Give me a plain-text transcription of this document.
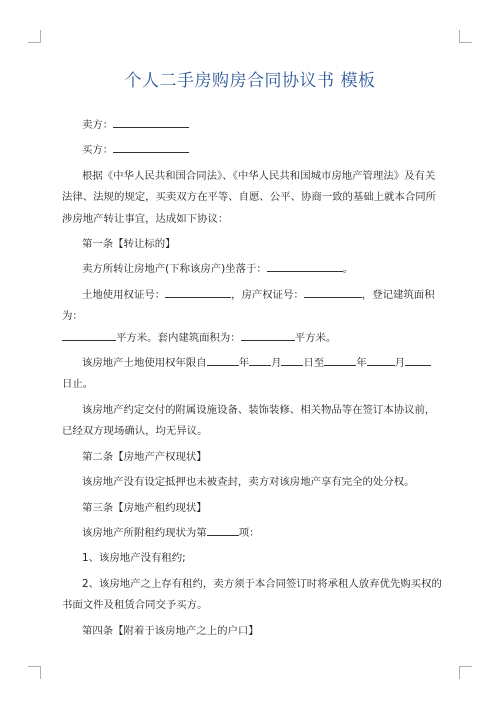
个人二手房购房合同协议书 模板

卖方：

买方：

根据《中华人民共和国合同法》、《中华人民共和国城市房地产管理法》及有关法律、法规的规定，买卖双方在平等、自愿、公平、协商一致的基础上就本合同所涉房地产转让事宜，达成如下协议：

第一条【转让标的】

卖方所转让房地产(下称该房产)坐落于：	。

土地使用权证号：	，房产权证号：	，登记建筑面积为：
平方米。套内建筑面积为：	平方米。

该房地产土地使用权年限自	年 月 日至	年	月
日止。

该房地产约定交付的附属设施设备、装饰装修、相关物品等在签订本协议前，已经双方现场确认，均无异议。

第二条【房地产产权现状】

该房地产没有设定抵押也未被查封，卖方对该房地产享有完全的处分权。

第三条【房地产租约现状】

该房地产所附租约现状为第	项：

1、该房地产没有租约;

2、该房地产之上存有租约，卖方须于本合同签订时将承租人放弃优先购买权的书面文件及租赁合同交予买方。

第四条【附着于该房地产之上的户口】
